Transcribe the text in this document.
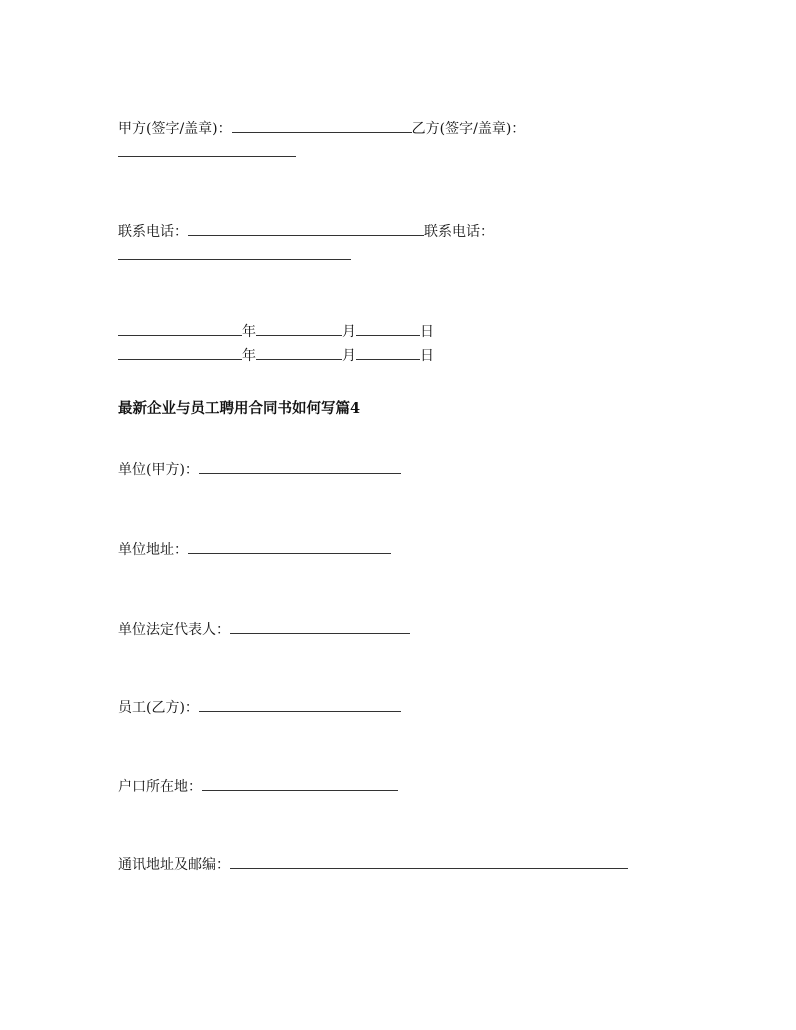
甲方(签字/盖章)：	乙方(签字/盖章)：
联系电话：	联系电话：
年	月	日
年	月	日
最新企业与员工聘用合同书如何写篇4
单位(甲方)：
单位地址：
单位法定代表人：
员工(乙方)：
户口所在地：
通讯地址及邮编：
